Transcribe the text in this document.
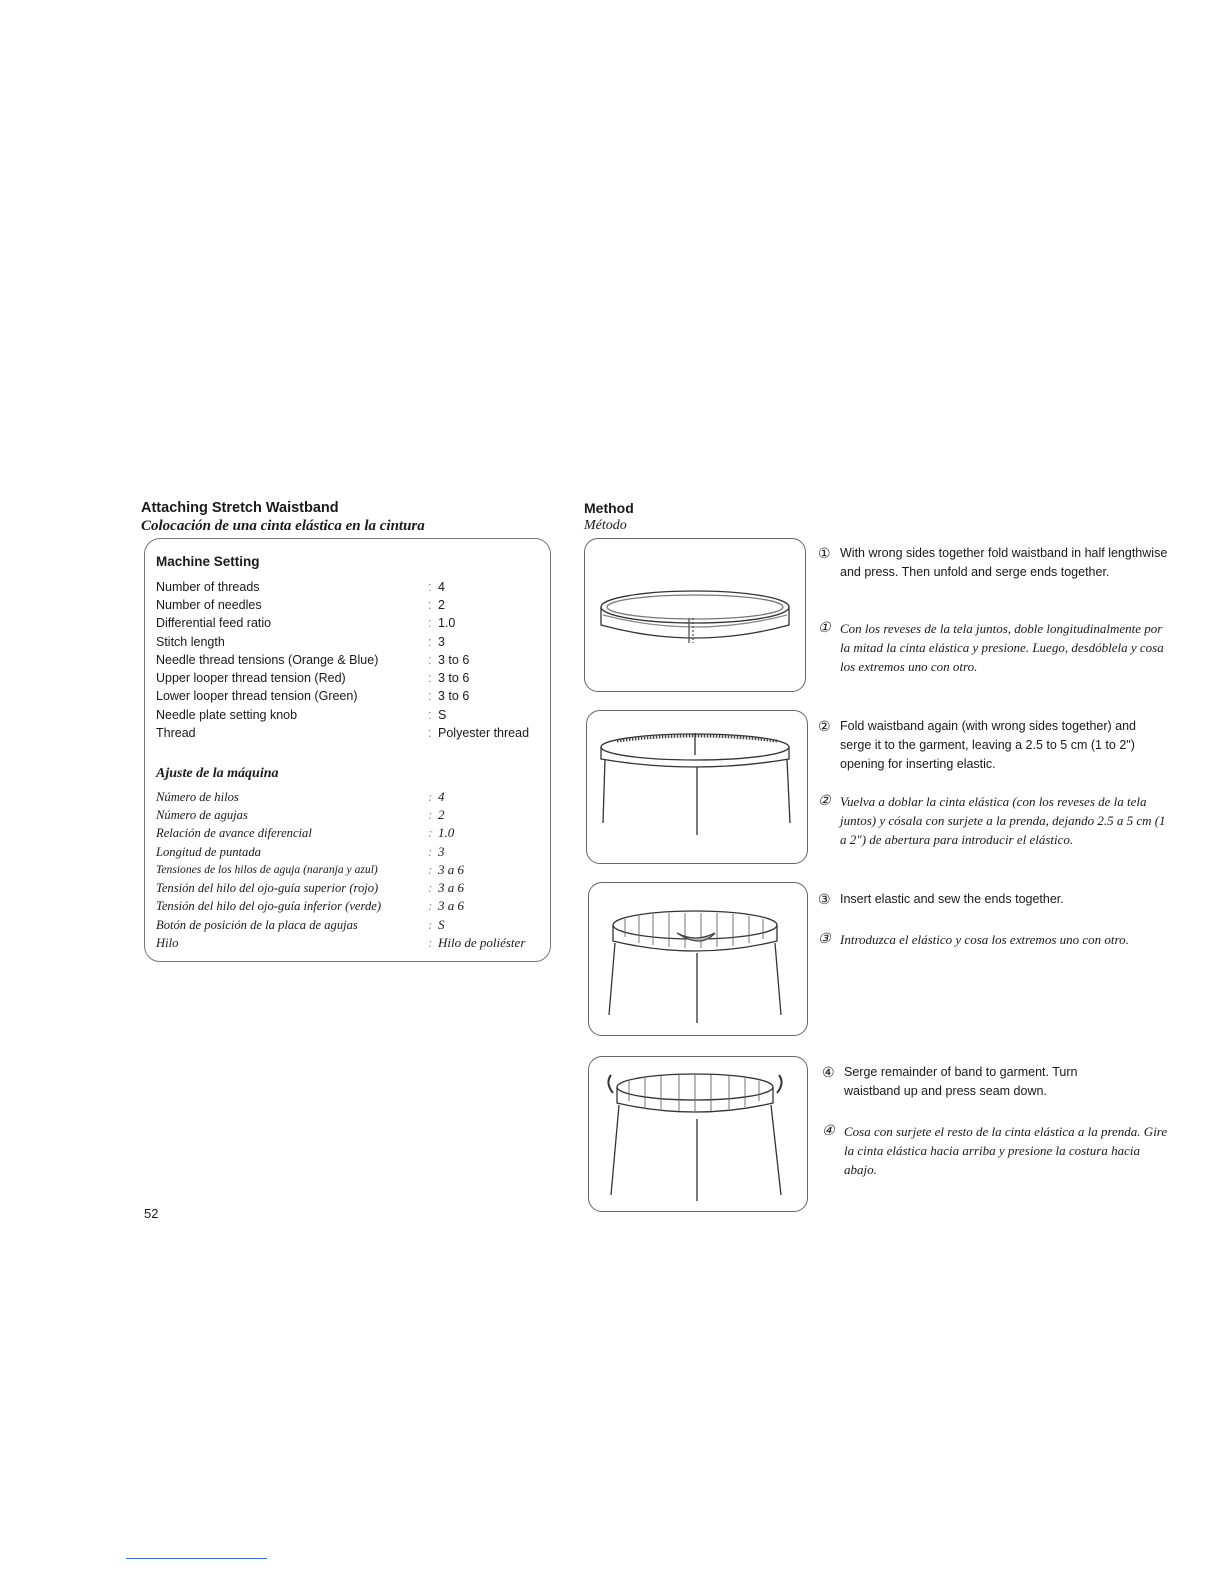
Attaching Stretch Waistband
Colocación de una cinta elástica en la cintura
Machine Setting
Number of threads	: 4
Number of needles	: 2
Differential feed ratio	: 1.0
Stitch length	: 3
Needle thread tensions (Orange & Blue)	: 3 to 6
Upper looper thread tension (Red)	: 3 to 6
Lower looper thread tension (Green)	: 3 to 6
Needle plate setting knob	: S
Thread	: Polyester thread
Ajuste de la máquina
Número de hilos	: 4
Número de agujas	: 2
Relación de avance diferencial	: 1.0
Longitud de puntada	: 3
Tensiones de los hilos de aguja (naranja y azul)	: 3 a 6
Tensión del hilo del ojo-guía superior (rojo)	: 3 a 6
Tensión del hilo del ojo-guía inferior (verde)	: 3 a 6
Botón de posición de la placa de agujas	: S
Hilo	: Hilo de poliéster
Method
Método
① With wrong sides together fold waistband in half lengthwise and press. Then unfold and serge ends together.
① Con los reveses de la tela juntos, doble longitudinalmente por la mitad la cinta elástica y presione. Luego, desdóblela y cosa los extremos uno con otro.
② Fold waistband again (with wrong sides together) and serge it to the garment, leaving a 2.5 to 5 cm (1 to 2") opening for inserting elastic.
② Vuelva a doblar la cinta elástica (con los reveses de la tela juntos) y cósala con surjete a la prenda, dejando 2.5 a 5 cm (1 a 2") de abertura para introducir el elástico.
③ Insert elastic and sew the ends together.
③ Introduzca el elástico y cosa los extremos uno con otro.
④ Serge remainder of band to garment. Turn waistband up and press seam down.
④ Cosa con surjete el resto de la cinta elástica a la prenda. Gire la cinta elástica hacia arriba y presione la costura hacia abajo.
52
